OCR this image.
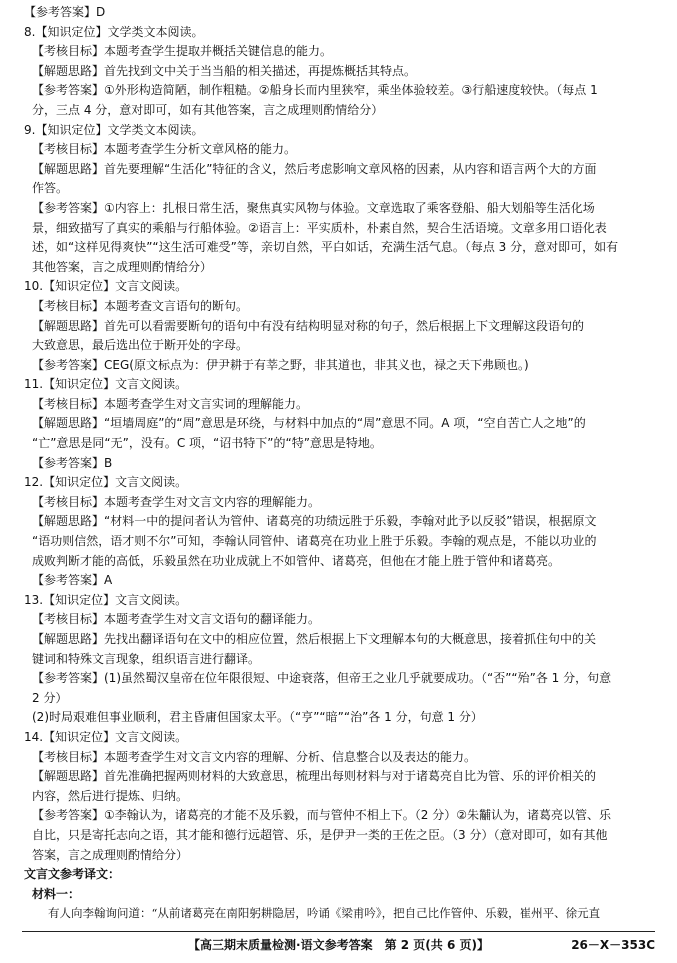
【参考答案】D
8.【知识定位】文学类文本阅读。
【考核目标】本题考查学生提取并概括关键信息的能力。
【解题思路】首先找到文中关于当当船的相关描述，再提炼概括其特点。
【参考答案】①外形构造简陋，制作粗糙。②船身长而内里狭窄，乘坐体验较差。③行船速度较快。（每点 1
分，三点 4 分，意对即可，如有其他答案，言之成理则酌情给分）
9.【知识定位】文学类文本阅读。
【考核目标】本题考查学生分析文章风格的能力。
【解题思路】首先要理解“生活化”特征的含义，然后考虑影响文章风格的因素，从内容和语言两个大的方面
作答。
【参考答案】①内容上：扎根日常生活，聚焦真实风物与体验。文章选取了乘客登船、船大划船等生活化场
景，细致描写了真实的乘船与行船体验。②语言上：平实质朴，朴素自然，契合生活语境。文章多用口语化表
述，如“这样见得爽快”“这生活可难受”等，亲切自然，平白如话，充满生活气息。（每点 3 分，意对即可，如有
其他答案，言之成理则酌情给分）
10.【知识定位】文言文阅读。
【考核目标】本题考查文言语句的断句。
【解题思路】首先可以看需要断句的语句中有没有结构明显对称的句子，然后根据上下文理解这段语句的
大致意思，最后选出位于断开处的字母。
【参考答案】CEG(原文标点为：伊尹耕于有莘之野，非其道也，非其义也，禄之天下弗顾也。)
11.【知识定位】文言文阅读。
【考核目标】本题考查学生对文言实词的理解能力。
【解题思路】“垣墙周庭”的“周”意思是环绕，与材料中加点的“周”意思不同。A 项，“空自苦亡人之地”的
“亡”意思是同“无”，没有。C 项，“诏书特下”的“特”意思是特地。
【参考答案】B
12.【知识定位】文言文阅读。
【考核目标】本题考查学生对文言文内容的理解能力。
【解题思路】“材料一中的提问者认为管仲、诸葛亮的功绩远胜于乐毅，李翰对此予以反驳”错误，根据原文
“语功则信然，语才则不尔”可知，李翰认同管仲、诸葛亮在功业上胜于乐毅。李翰的观点是，不能以功业的
成败判断才能的高低，乐毅虽然在功业成就上不如管仲、诸葛亮，但他在才能上胜于管仲和诸葛亮。
【参考答案】A
13.【知识定位】文言文阅读。
【考核目标】本题考查学生对文言文语句的翻译能力。
【解题思路】先找出翻译语句在文中的相应位置，然后根据上下文理解本句的大概意思，接着抓住句中的关
键词和特殊文言现象，组织语言进行翻译。
【参考答案】(1)虽然蜀汉皇帝在位年限很短、中途衰落，但帝王之业几乎就要成功。（“否”“殆”各 1 分，句意
2 分）
(2)时局艰难但事业顺利，君主昏庸但国家太平。（“亨”“暗”“治”各 1 分，句意 1 分）
14.【知识定位】文言文阅读。
【考核目标】本题考查学生对文言文内容的理解、分析、信息整合以及表达的能力。
【解题思路】首先准确把握两则材料的大致意思，梳理出每则材料与对于诸葛亮自比为管、乐的评价相关的
内容，然后进行提炼、归纳。
【参考答案】①李翰认为，诸葛亮的才能不及乐毅，而与管仲不相上下。（2 分）②朱黼认为，诸葛亮以管、乐
自比，只是寄托志向之语，其才能和德行远超管、乐，是伊尹一类的王佐之臣。（3 分）（意对即可，如有其他
答案，言之成理则酌情给分）
文言文参考译文：
材料一：
有人向李翰询问道：“从前诸葛亮在南阳躬耕隐居，吟诵《梁甫吟》，把自己比作管仲、乐毅，崔州平、徐元直
【高三期末质量检测·语文参考答案　第 2 页(共 6 页)】	26－X－353C
